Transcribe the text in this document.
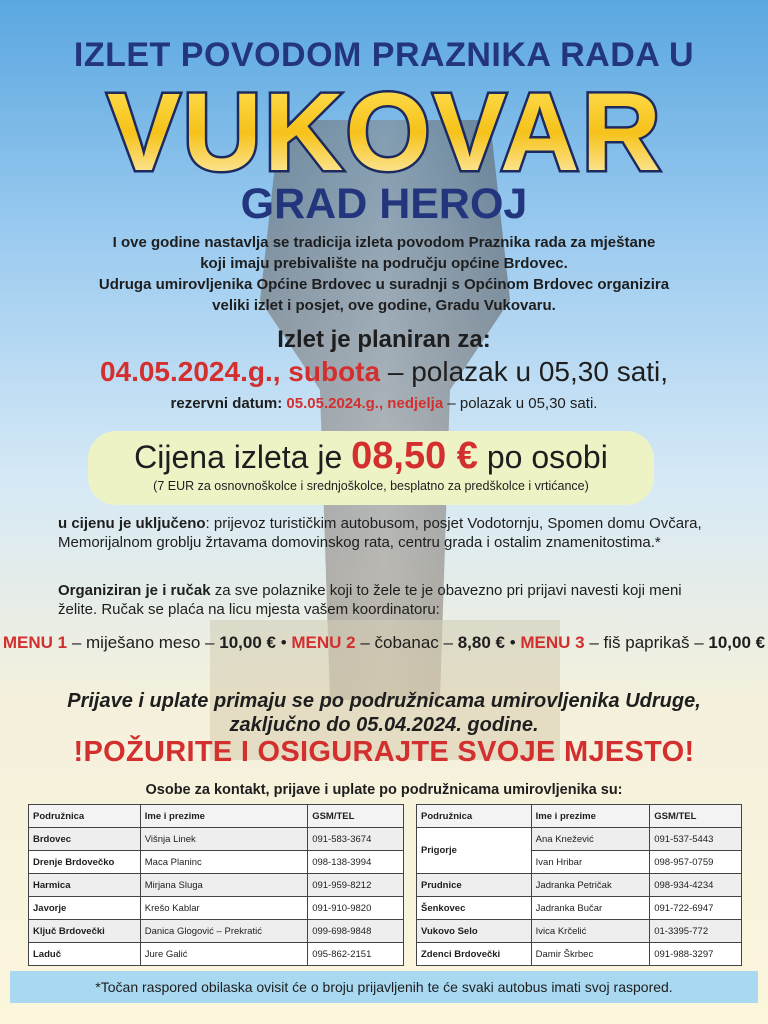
IZLET POVODOM PRAZNIKA RADA U
VUKOVAR
GRAD HEROJ
I ove godine nastavlja se tradicija izleta povodom Praznika rada za mještane
koji imaju prebivalište na području općine Brdovec.
Udruga umirovljenika Općine Brdovec u suradnji s Općinom Brdovec organizira
veliki izlet i posjet, ove godine, Gradu Vukovaru.
Izlet je planiran za:
04.05.2024.g., subota – polazak u 05,30 sati,
rezervni datum: 05.05.2024.g., nedjelja – polazak u 05,30 sati.
Cijena izleta je 08,50 € po osobi
(7 EUR za osnovnoškolce i srednjoškolce, besplatno za predškolce i vrtićance)
u cijenu je uključeno: prijevoz turističkim autobusom, posjet Vodotornju, Spomen domu Ovčara, Memorijalnom groblju žrtavama domovinskog rata, centru grada i ostalim znamenitostima.*
Organiziran je i ručak za sve polaznike koji to žele te je obavezno pri prijavi navesti koji meni želite. Ručak se plaća na licu mjesta vašem koordinatoru:
MENU 1 – miješano meso – 10,00 € • MENU 2 – čobanac – 8,80 € • MENU 3 – fiš paprikaš – 10,00 €
Prijave i uplate primaju se po podružnicama umirovljenika Udruge,
zaključno do 05.04.2024. godine.
!POŽURITE I OSIGURAJTE SVOJE MJESTO!
Osobe za kontakt, prijave i uplate po podružnicama umirovljenika su:
Podružnica	Ime i prezime	GSM/TEL
Brdovec	Višnja Linek	091-583-3674
Drenje Brdovečko	Maca Planinc	098-138-3994
Harmica	Mirjana Sluga	091-959-8212
Javorje	Krešo Kablar	091-910-9820
Ključ Brdovečki	Danica Glogović – Prekratić	099-698-9848
Laduč	Jure Galić	095-862-2151
Podružnica	Ime i prezime	GSM/TEL
Prigorje	Ana Knežević	091-537-5443
	Ivan Hribar	098-957-0759
Prudnice	Jadranka Petričak	098-934-4234
Šenkovec	Jadranka Bučar	091-722-6947
Vukovo Selo	Ivica Krčelić	01-3395-772
Zdenci Brdovečki	Damir Škrbec	091-988-3297
*Točan raspored obilaska ovisit će o broju prijavljenih te će svaki autobus imati svoj raspored.
